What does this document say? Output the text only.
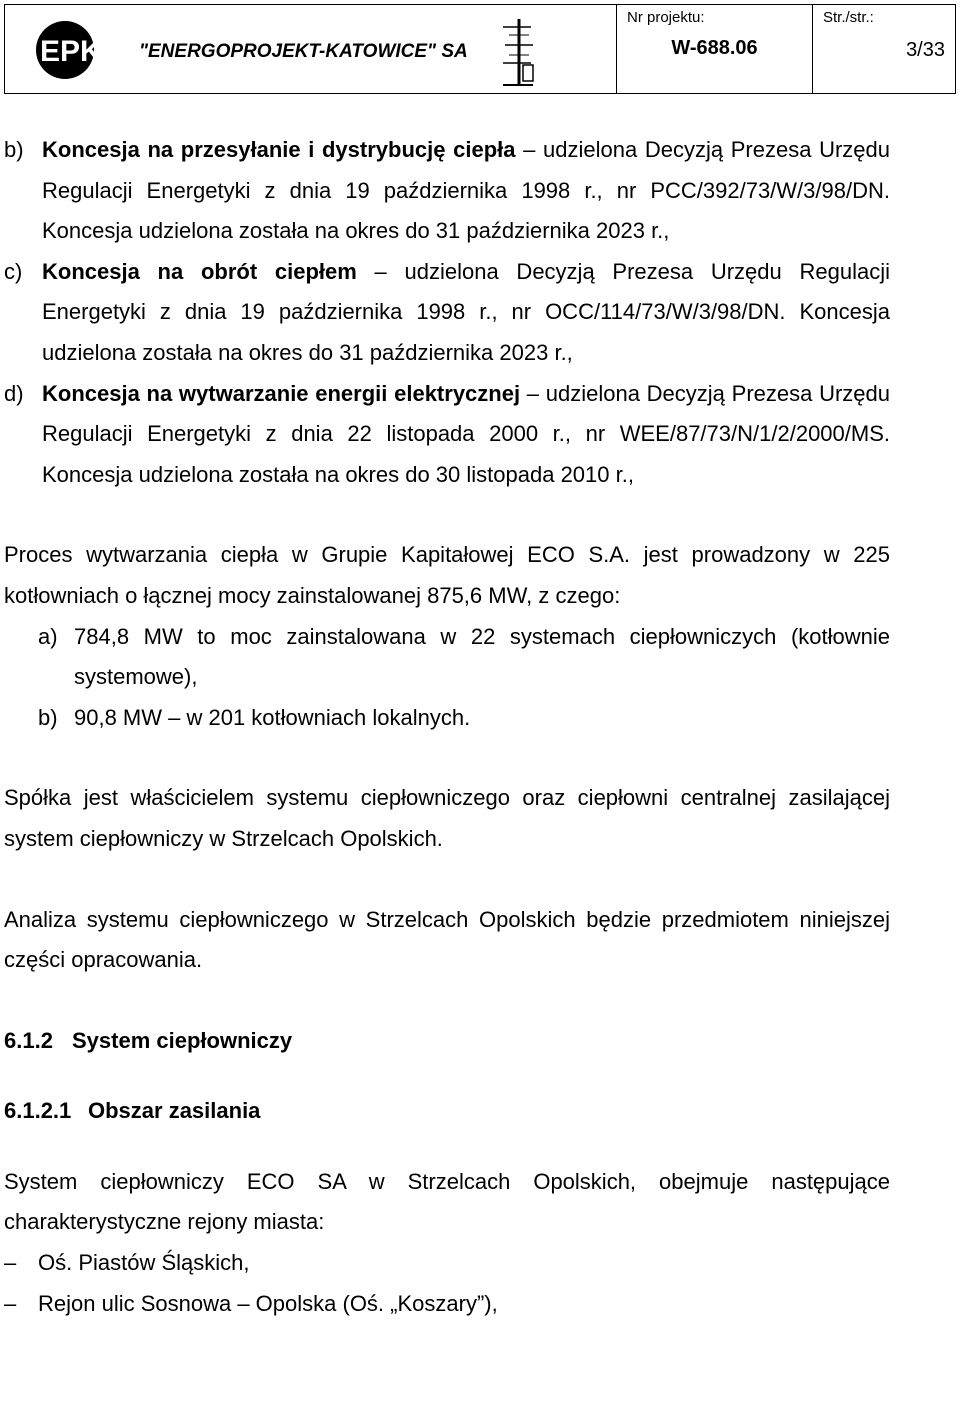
EPK "ENERGOPROJEKT-KATOWICE" SA
Nr projektu:
W-688.06
Str./str.:
3/33
b) Koncesja na przesyłanie i dystrybucję ciepła – udzielona Decyzją Prezesa Urzędu Regulacji Energetyki z dnia 19 października 1998 r., nr PCC/392/73/W/3/98/DN. Koncesja udzielona została na okres do 31 października 2023 r.,
c) Koncesja na obrót ciepłem – udzielona Decyzją Prezesa Urzędu Regulacji Energetyki z dnia 19 października 1998 r., nr OCC/114/73/W/3/98/DN. Koncesja udzielona została na okres do 31 października 2023 r.,
d) Koncesja na wytwarzanie energii elektrycznej – udzielona Decyzją Prezesa Urzędu Regulacji Energetyki z dnia 22 listopada 2000 r., nr WEE/87/73/N/1/2/2000/MS. Koncesja udzielona została na okres do 30 listopada 2010 r.,

Proces wytwarzania ciepła w Grupie Kapitałowej ECO S.A. jest prowadzony w 225 kotłowniach o łącznej mocy zainstalowanej 875,6 MW, z czego:

a) 784,8 MW to moc zainstalowana w 22 systemach ciepłowniczych (kotłownie systemowe),
b) 90,8 MW – w 201 kotłowniach lokalnych.

Spółka jest właścicielem systemu ciepłowniczego oraz ciepłowni centralnej zasilającej system ciepłowniczy w Strzelcach Opolskich.

Analiza systemu ciepłowniczego w Strzelcach Opolskich będzie przedmiotem niniejszej części opracowania.

6.1.2 System ciepłowniczy
6.1.2.1 Obszar zasilania

System ciepłowniczy ECO SA w Strzelcach Opolskich, obejmuje następujące charakterystyczne rejony miasta:

– Oś. Piastów Śląskich,
– Rejon ulic Sosnowa – Opolska (Oś. „Koszary”),
